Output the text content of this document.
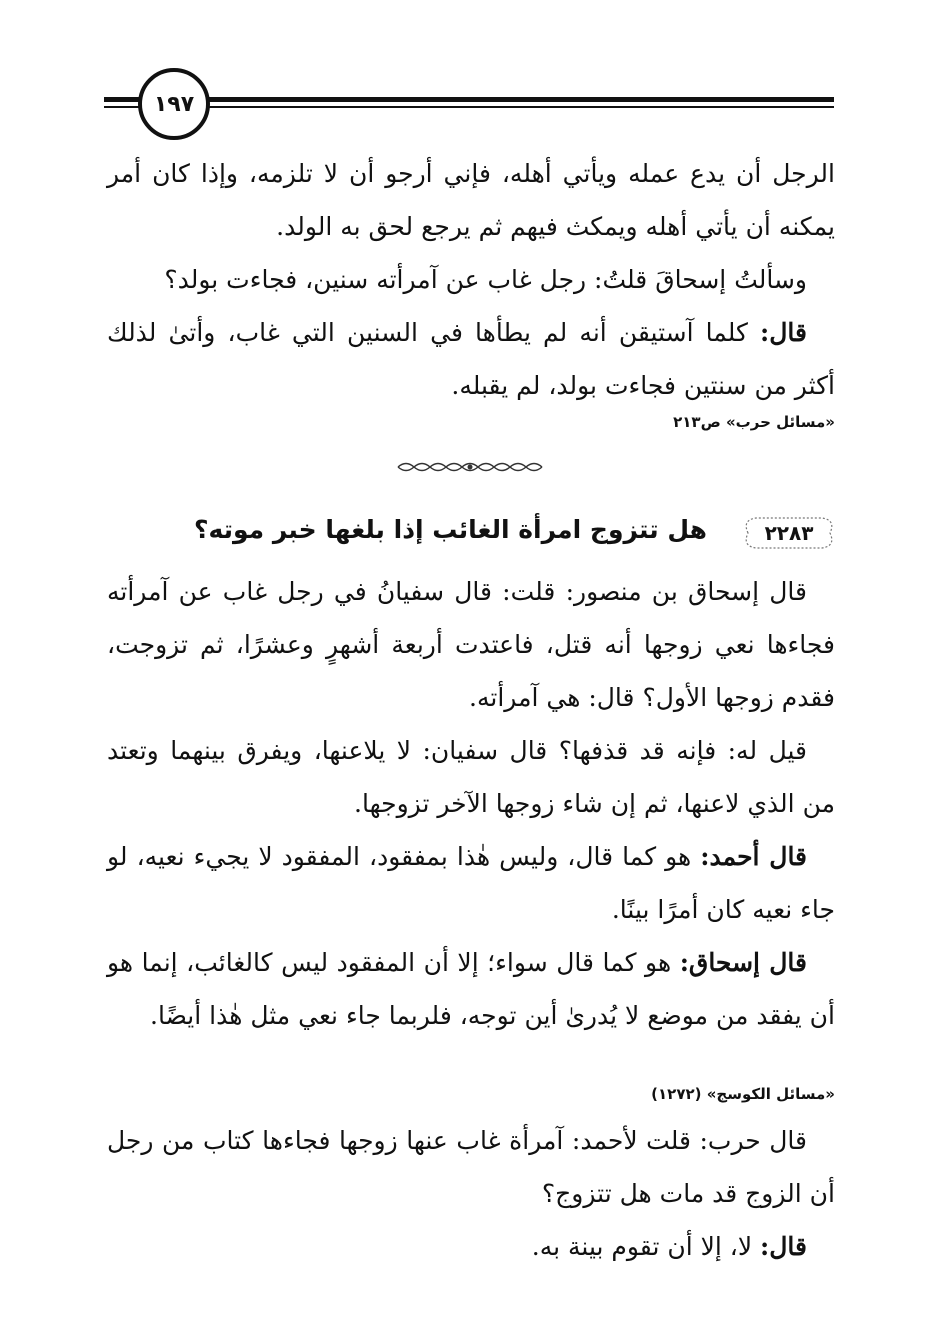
١٩٧

الرجل أن يدع عمله ويأتي أهله، فإني أرجو أن لا تلزمه، وإذا كان أمر يمكنه أن يأتي أهله ويمكث فيهم ثم يرجع لحق به الولد.

وسألتُ إسحاقَ قلتُ: رجل غاب عن آمرأته سنين، فجاءت بولد؟

قال: كلما آستيقن أنه لم يطأها في السنين التي غاب، وأتىٰ لذلك أكثر من سنتين فجاءت بولد، لم يقبله.

«مسائل حرب» ص٢١٣
٢٢٨٣
هل تتزوج امرأة الغائب إذا بلغها خبر موته؟

قال إسحاق بن منصور: قلت: قال سفيانُ في رجل غاب عن آمرأته فجاءها نعي زوجها أنه قتل، فاعتدت أربعة أشهرٍ وعشرًا، ثم تزوجت، فقدم زوجها الأول؟ قال: هي آمرأته.

قيل له: فإنه قد قذفها؟ قال سفيان: لا يلاعنها، ويفرق بينهما وتعتد من الذي لاعنها، ثم إن شاء زوجها الآخر تزوجها.

قال أحمد: هو كما قال، وليس هٰذا بمفقود، المفقود لا يجيء نعيه، لو جاء نعيه كان أمرًا بينًا.

قال إسحاق: هو كما قال سواء؛ إلا أن المفقود ليس كالغائب، إنما هو أن يفقد من موضع لا يُدرىٰ أين توجه، فلربما جاء نعي مثل هٰذا أيضًا.

«مسائل الكوسج» (١٢٧٢)

قال حرب: قلت لأحمد: آمرأة غاب عنها زوجها فجاءها كتاب من رجل أن الزوج قد مات هل تتزوج؟

قال: لا، إلا أن تقوم بينة به.
